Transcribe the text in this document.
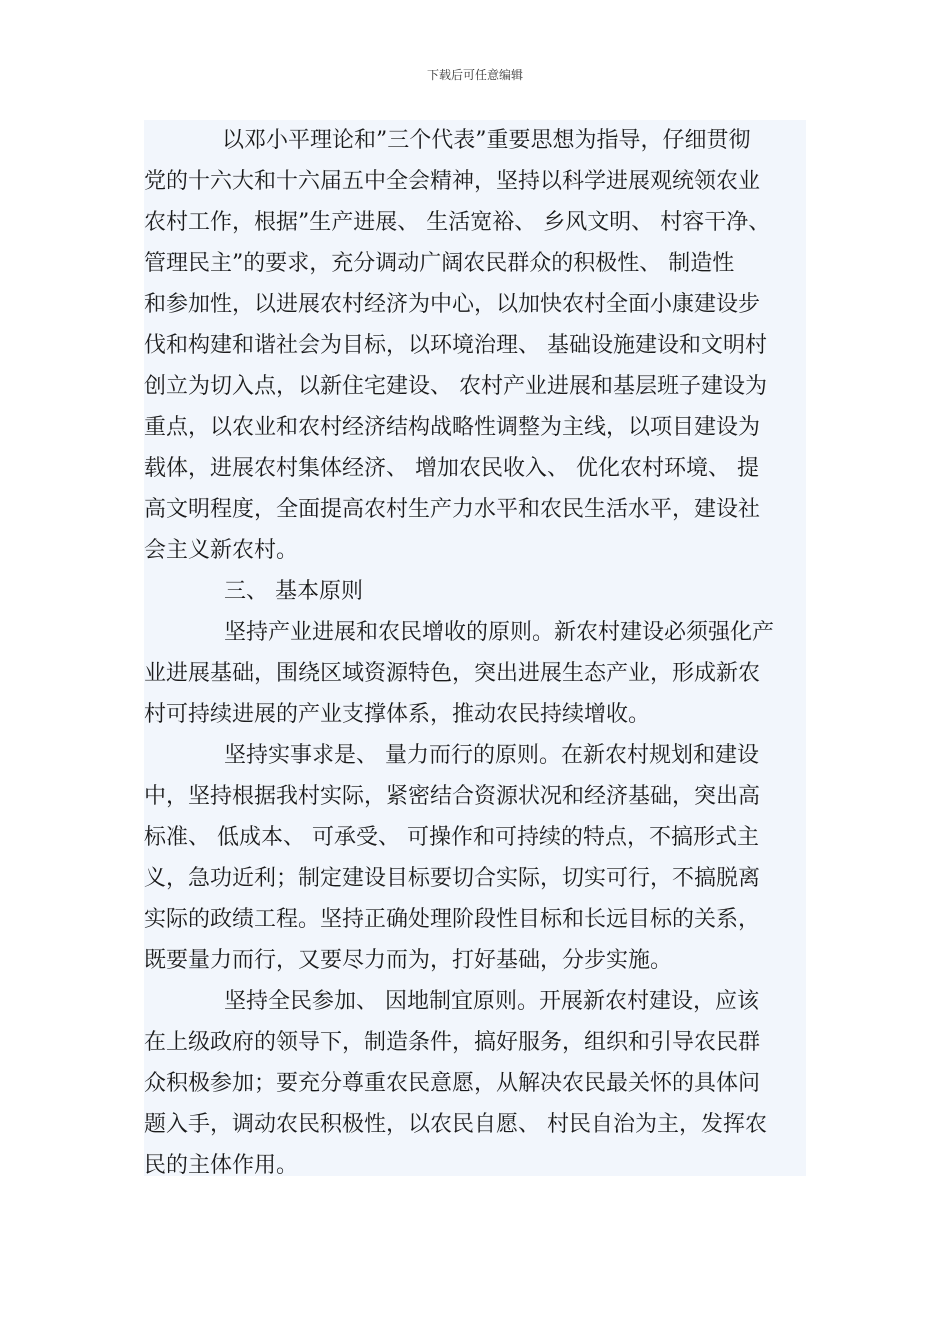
下载后可任意编辑
以邓小平理论和”三个代表”重要思想为指导，仔细贯彻
党的十六大和十六届五中全会精神，坚持以科学进展观统领农业
农村工作，根据”生产进展、 生活宽裕、 乡风文明、 村容干净、
管理民主”的要求，充分调动广阔农民群众的积极性、 制造性
和参加性，以进展农村经济为中心，以加快农村全面小康建设步
伐和构建和谐社会为目标，以环境治理、 基础设施建设和文明村
创立为切入点，以新住宅建设、 农村产业进展和基层班子建设为
重点，以农业和农村经济结构战略性调整为主线，以项目建设为
载体，进展农村集体经济、 增加农民收入、 优化农村环境、 提
高文明程度，全面提高农村生产力水平和农民生活水平，建设社
会主义新农村。
三、 基本原则
坚持产业进展和农民增收的原则。新农村建设必须强化产
业进展基础，围绕区域资源特色，突出进展生态产业，形成新农
村可持续进展的产业支撑体系，推动农民持续增收。
坚持实事求是、 量力而行的原则。在新农村规划和建设
中，坚持根据我村实际，紧密结合资源状况和经济基础，突出高
标准、 低成本、 可承受、 可操作和可持续的特点，不搞形式主
义，急功近利；制定建设目标要切合实际，切实可行，不搞脱离
实际的政绩工程。坚持正确处理阶段性目标和长远目标的关系，
既要量力而行，又要尽力而为，打好基础，分步实施。
坚持全民参加、 因地制宜原则。开展新农村建设，应该
在上级政府的领导下，制造条件，搞好服务，组织和引导农民群
众积极参加；要充分尊重农民意愿，从解决农民最关怀的具体问
题入手，调动农民积极性，以农民自愿、 村民自治为主，发挥农
民的主体作用。
